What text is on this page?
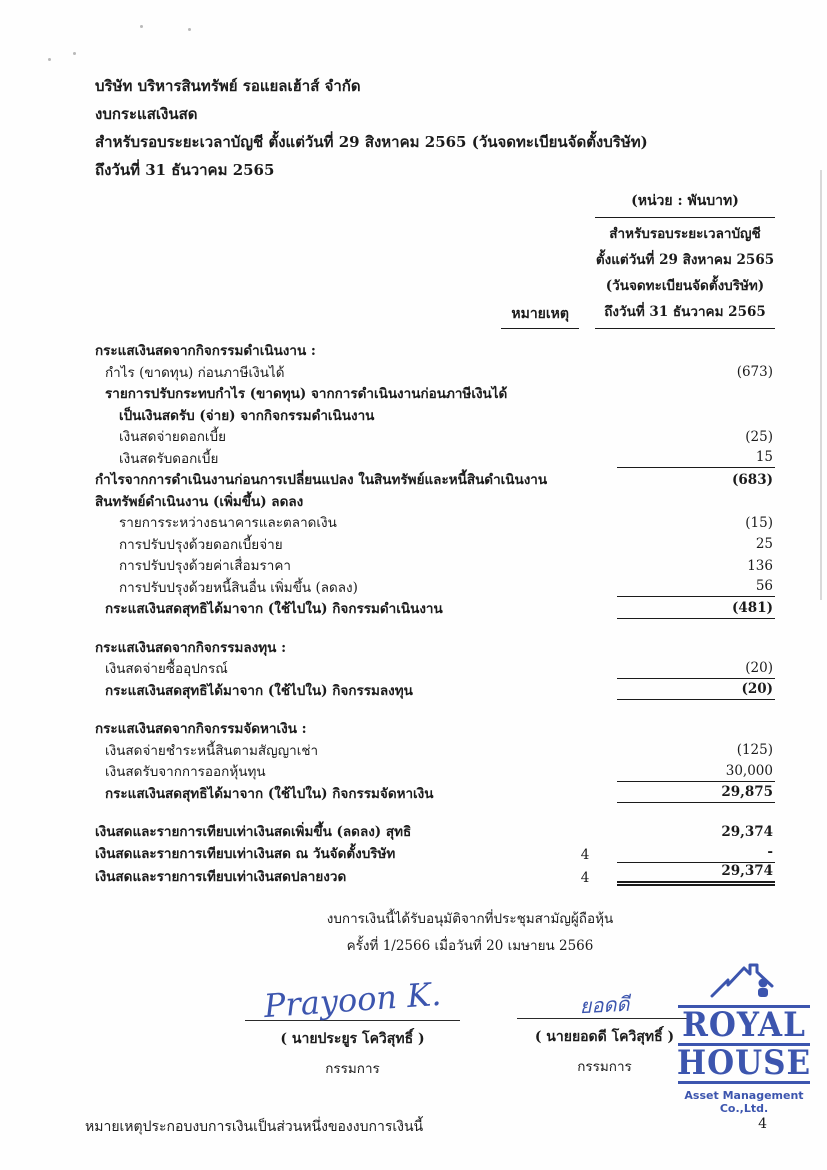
บริษัท บริหารสินทรัพย์ รอแยลเฮ้าส์ จำกัด
งบกระแสเงินสด
สำหรับรอบระยะเวลาบัญชี ตั้งแต่วันที่ 29 สิงหาคม 2565 (วันจดทะเบียนจัดตั้งบริษัท)
ถึงวันที่ 31 ธันวาคม 2565
(หน่วย : พันบาท)
หมายเหตุ
สำหรับรอบระยะเวลาบัญชี
ตั้งแต่วันที่ 29 สิงหาคม 2565
(วันจดทะเบียนจัดตั้งบริษัท)
ถึงวันที่ 31 ธันวาคม 2565
กระแสเงินสดจากกิจกรรมดำเนินงาน :
กำไร (ขาดทุน) ก่อนภาษีเงินได้	(673)
รายการปรับกระทบกำไร (ขาดทุน) จากการดำเนินงานก่อนภาษีเงินได้
เป็นเงินสดรับ (จ่าย) จากกิจกรรมดำเนินงาน
เงินสดจ่ายดอกเบี้ย	(25)
เงินสดรับดอกเบี้ย	15
กำไรจากการดำเนินงานก่อนการเปลี่ยนแปลง ในสินทรัพย์และหนี้สินดำเนินงาน	(683)
สินทรัพย์ดำเนินงาน (เพิ่มขึ้น) ลดลง
รายการระหว่างธนาคารและตลาดเงิน	(15)
การปรับปรุงด้วยดอกเบี้ยจ่าย	25
การปรับปรุงด้วยค่าเสื่อมราคา	136
การปรับปรุงด้วยหนี้สินอื่น เพิ่มขึ้น (ลดลง)	56
กระแสเงินสดสุทธิได้มาจาก (ใช้ไปใน) กิจกรรมดำเนินงาน	(481)
กระแสเงินสดจากกิจกรรมลงทุน :
เงินสดจ่ายซื้ออุปกรณ์	(20)
กระแสเงินสดสุทธิได้มาจาก (ใช้ไปใน) กิจกรรมลงทุน	(20)
กระแสเงินสดจากกิจกรรมจัดหาเงิน :
เงินสดจ่ายชำระหนี้สินตามสัญญาเช่า	(125)
เงินสดรับจากการออกหุ้นทุน	30,000
กระแสเงินสดสุทธิได้มาจาก (ใช้ไปใน) กิจกรรมจัดหาเงิน	29,875
เงินสดและรายการเทียบเท่าเงินสดเพิ่มขึ้น (ลดลง) สุทธิ	29,374
เงินสดและรายการเทียบเท่าเงินสด ณ วันจัดตั้งบริษัท	4	-
เงินสดและรายการเทียบเท่าเงินสดปลายงวด	4	29,374
งบการเงินนี้ได้รับอนุมัติจากที่ประชุมสามัญผู้ถือหุ้น
ครั้งที่ 1/2566 เมื่อวันที่ 20 เมษายน 2566
Prayoon K.
( นายประยูร โควิสุทธิ์ )
กรรมการ
ยอดดี
( นายยอดดี โควิสุทธิ์ )
กรรมการ
ROYAL
HOUSE
Asset Management Co.,Ltd.
หมายเหตุประกอบงบการเงินเป็นส่วนหนึ่งของงบการเงินนี้	4
